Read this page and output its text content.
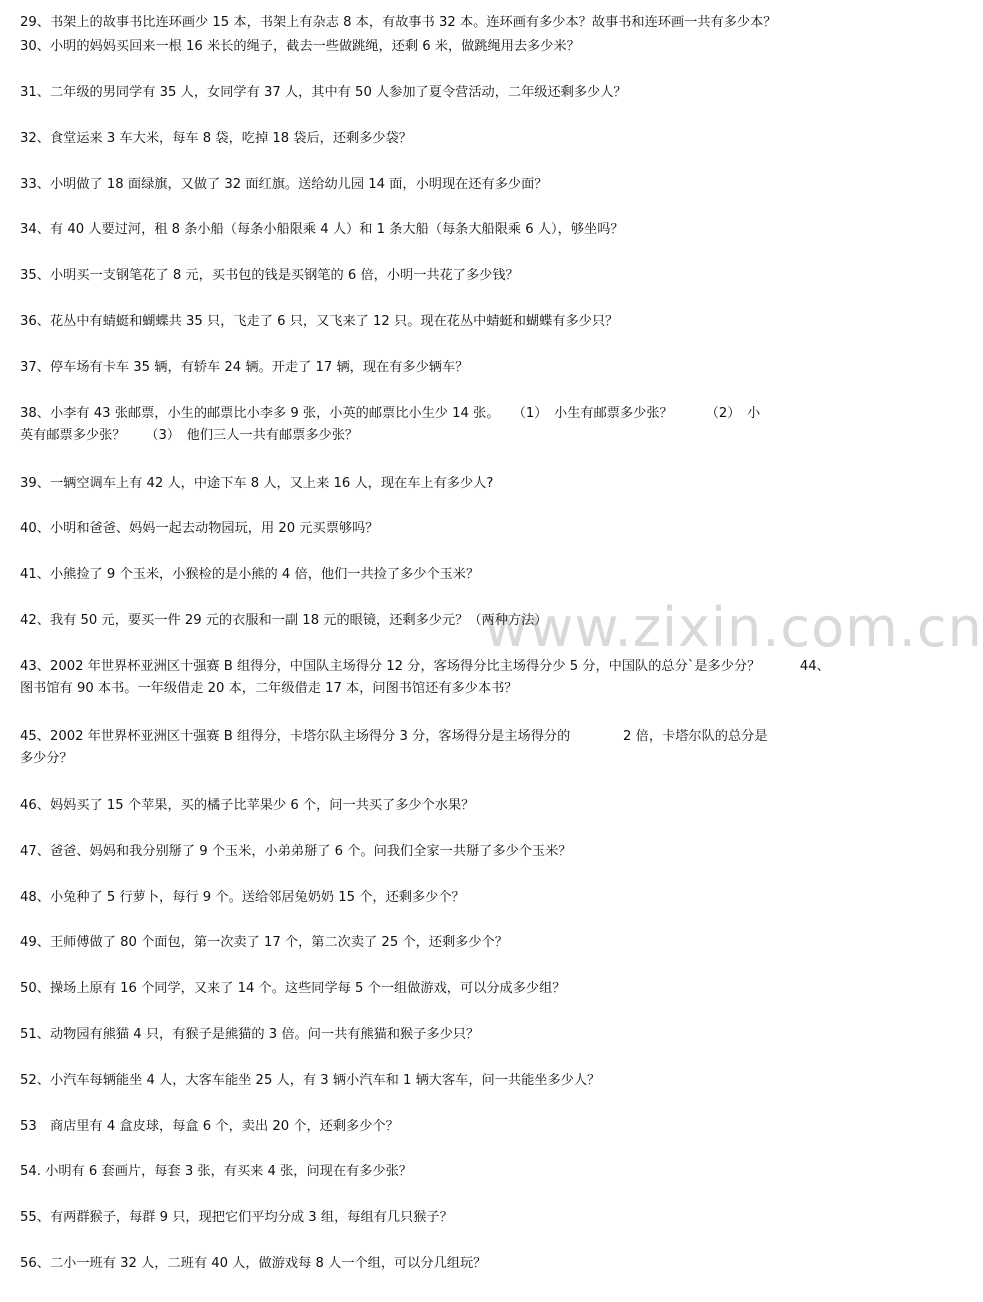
www.zixin.com.cn
29、书架上的故事书比连环画少 15 本，书架上有杂志 8 本，有故事书 32 本。连环画有多少本？故事书和连环画一共有多少本？
30、小明的妈妈买回来一根 16 米长的绳子，截去一些做跳绳，还剩 6 米，做跳绳用去多少米？
31、二年级的男同学有 35 人，女同学有 37 人，其中有 50 人参加了夏令营活动，二年级还剩多少人？
32、食堂运来 3 车大米，每车 8 袋，吃掉 18 袋后，还剩多少袋？
33、小明做了 18 面绿旗，又做了 32 面红旗。送给幼儿园 14 面，小明现在还有多少面？
34、有 40 人要过河，租 8 条小船（每条小船限乘 4 人）和 1 条大船（每条大船限乘 6 人），够坐吗？
35、小明买一支钢笔花了 8 元，买书包的钱是买钢笔的 6 倍，小明一共花了多少钱？
36、花丛中有蜻蜓和蝴蝶共 35 只，飞走了 6 只，又飞来了 12 只。现在花丛中蜻蜓和蝴蝶有多少只？
37、停车场有卡车 35 辆，有轿车 24 辆。开走了 17 辆，现在有多少辆车？
38、小李有 43 张邮票，小生的邮票比小李多 9 张，小英的邮票比小生少 14 张。　　（1）　小生有邮票多少张？　　　（2）　小
英有邮票多少张？　　（3）　他们三人一共有邮票多少张？
39、一辆空调车上有 42 人，中途下车 8 人，又上来 16 人，现在车上有多少人?
40、小明和爸爸、妈妈一起去动物园玩，用 20 元买票够吗？
41、小熊捡了 9 个玉米，小猴检的是小熊的 4 倍，他们一共捡了多少个玉米？
42、我有 50 元，要买一件 29 元的衣服和一副 18 元的眼镜，还剩多少元？（两种方法）
43、2002 年世界杯亚洲区十强赛 B 组得分，中国队主场得分 12 分，客场得分比主场得分少 5 分，中国队的总分`是多少分？　　　44、
图书馆有 90 本书。一年级借走 20 本，二年级借走 17 本，问图书馆还有多少本书？
45、2002 年世界杯亚洲区十强赛 B 组得分，卡塔尔队主场得分 3 分，客场得分是主场得分的　　　　2 倍，卡塔尔队的总分是
多少分？
46、妈妈买了 15 个苹果，买的橘子比苹果少 6 个，问一共买了多少个水果？
47、爸爸、妈妈和我分别掰了 9 个玉米，小弟弟掰了 6 个。问我们全家一共掰了多少个玉米？
48、小兔种了 5 行萝卜，每行 9 个。送给邻居兔奶奶 15 个，还剩多少个？
49、王师傅做了 80 个面包，第一次卖了 17 个，第二次卖了 25 个，还剩多少个？
50、操场上原有 16 个同学，又来了 14 个。这些同学每 5 个一组做游戏，可以分成多少组？
51、动物园有熊猫 4 只，有猴子是熊猫的 3 倍。问一共有熊猫和猴子多少只？
52、小汽车每辆能坐 4 人，大客车能坐 25 人，有 3 辆小汽车和 1 辆大客车，问一共能坐多少人？
53　商店里有 4 盒皮球，每盒 6 个，卖出 20 个，还剩多少个？
54. 小明有 6 套画片，每套 3 张，有买来 4 张，问现在有多少张？
55、有两群猴子，每群 9 只，现把它们平均分成 3 组，每组有几只猴子？
56、二小一班有 32 人，二班有 40 人，做游戏每 8 人一个组，可以分几组玩？
